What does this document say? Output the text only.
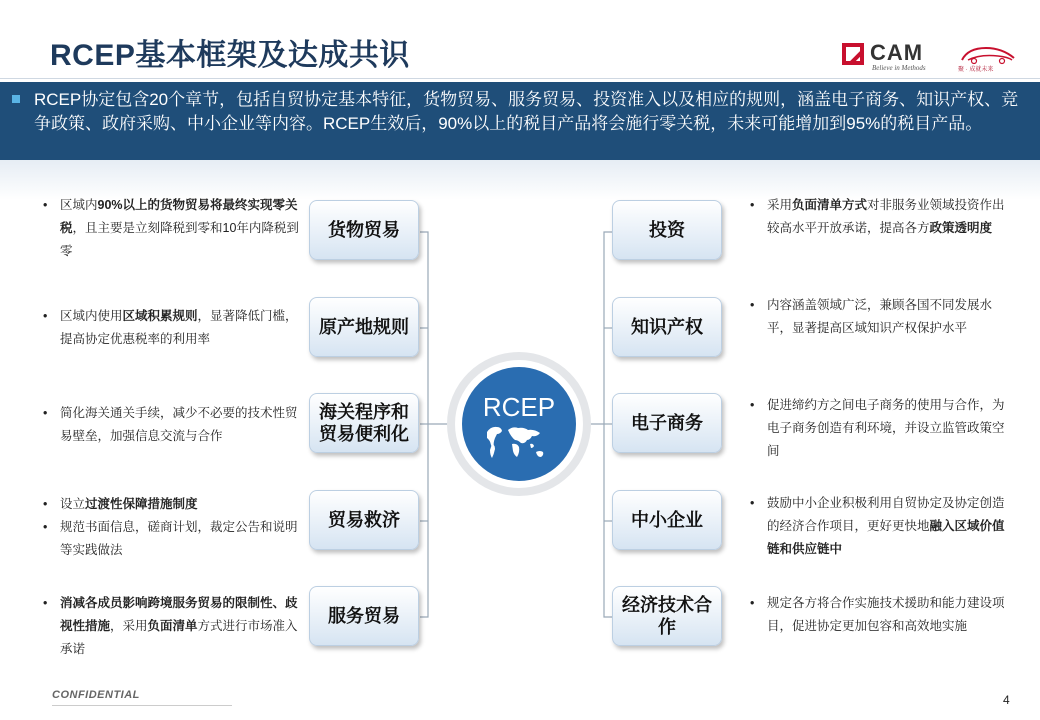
RCEP基本框架及达成共识	CAM
Believe in Methods	聚 · 成就未来
RCEP协定包含20个章节，包括自贸协定基本特征，货物贸易、服务贸易、投资准入以及相应的规则，涵盖电子商务、知识产权、竞争政策、政府采购、中小企业等内容。RCEP生效后，90%以上的税目产品将会施行零关税，未来可能增加到95%的税目产品。
RCEP
货物贸易
原产地规则
海关程序和贸易便利化
贸易救济
服务贸易
投资
知识产权
电子商务
中小企业
经济技术合作
• 区域内90%以上的货物贸易将最终实现零关税，且主要是立刻降税到零和10年内降税到零
• 区域内使用区域积累规则，显著降低门槛，提高协定优惠税率的利用率
• 简化海关通关手续，减少不必要的技术性贸易壁垒，加强信息交流与合作
• 设立过渡性保障措施制度
• 规范书面信息，磋商计划，裁定公告和说明等实践做法
• 消减各成员影响跨境服务贸易的限制性、歧视性措施，采用负面清单方式进行市场准入承诺
• 采用负面清单方式对非服务业领域投资作出较高水平开放承诺，提高各方政策透明度
• 内容涵盖领域广泛，兼顾各国不同发展水平，显著提高区域知识产权保护水平
• 促进缔约方之间电子商务的使用与合作，为电子商务创造有利环境，并设立监管政策空间
• 鼓励中小企业积极利用自贸协定及协定创造的经济合作项目，更好更快地融入区域价值链和供应链中
• 规定各方将合作实施技术援助和能力建设项目，促进协定更加包容和高效地实施
CONFIDENTIAL	4
